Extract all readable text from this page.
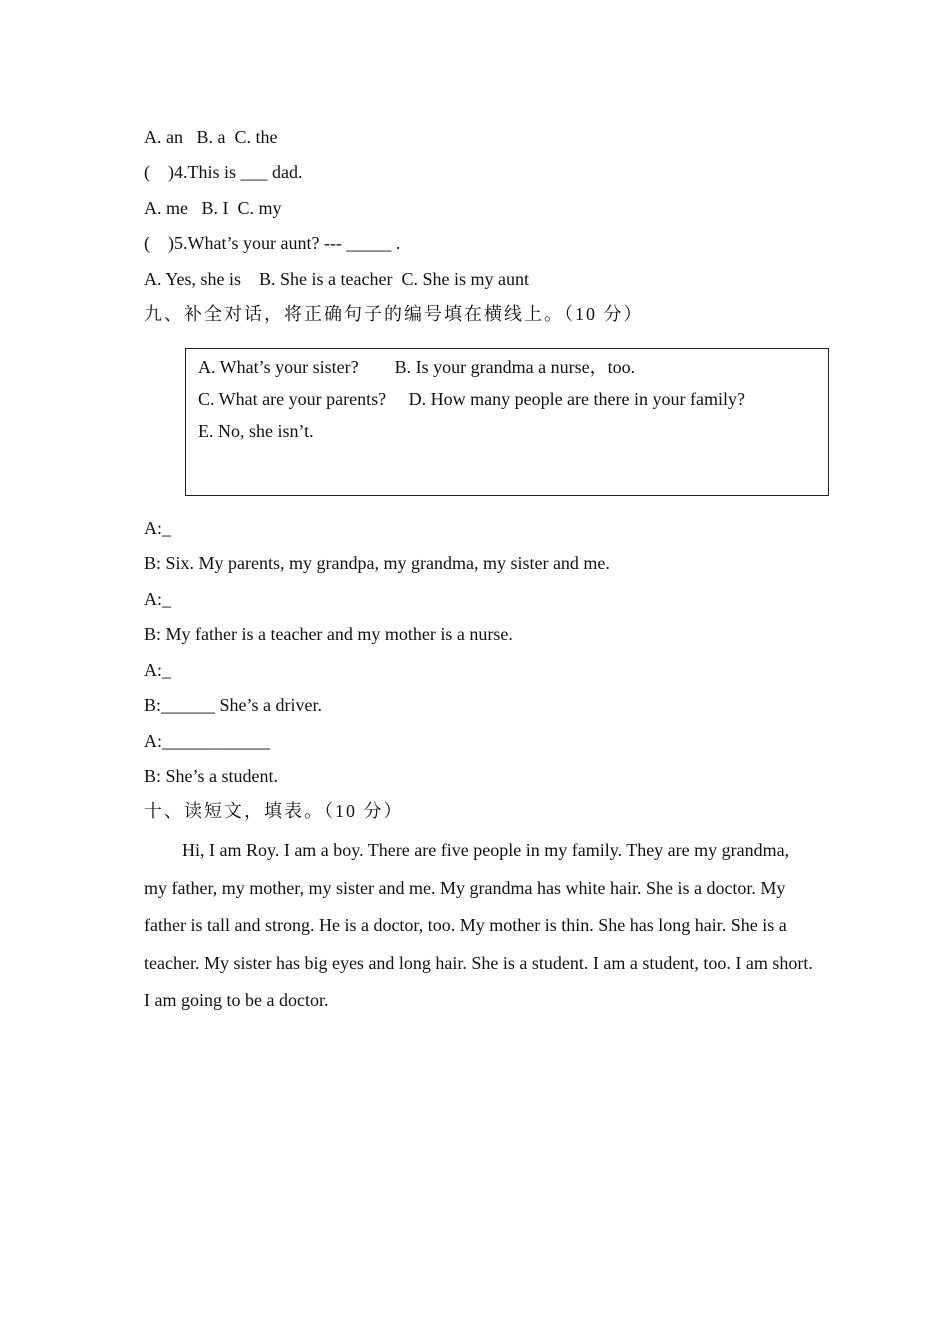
A. an   B. a  C. the
(    )4.This is ___ dad.
A. me   B. I  C. my
(    )5.What’s your aunt? --- _____ .
A. Yes, she is    B. She is a teacher  C. She is my aunt
九、补全对话，将正确句子的编号填在横线上。（10 分）
A. What’s your sister?        B. Is your grandma a nurse，too.
C. What are your parents?     D. How many people are there in your family?
E. No, she isn’t.
A:_
B: Six. My parents, my grandpa, my grandma, my sister and me.
A:_
B: My father is a teacher and my mother is a nurse.
A:_
B:______ She’s a driver.
A:____________
B: She’s a student.
十、读短文，填表。（10 分）
Hi, I am Roy. I am a boy. There are five people in my family. They are my grandma, my father, my mother, my sister and me. My grandma has white hair. She is a doctor. My father is tall and strong. He is a doctor, too. My mother is thin. She has long hair. She is a teacher. My sister has big eyes and long hair. She is a student. I am a student, too. I am short. I am going to be a doctor.
